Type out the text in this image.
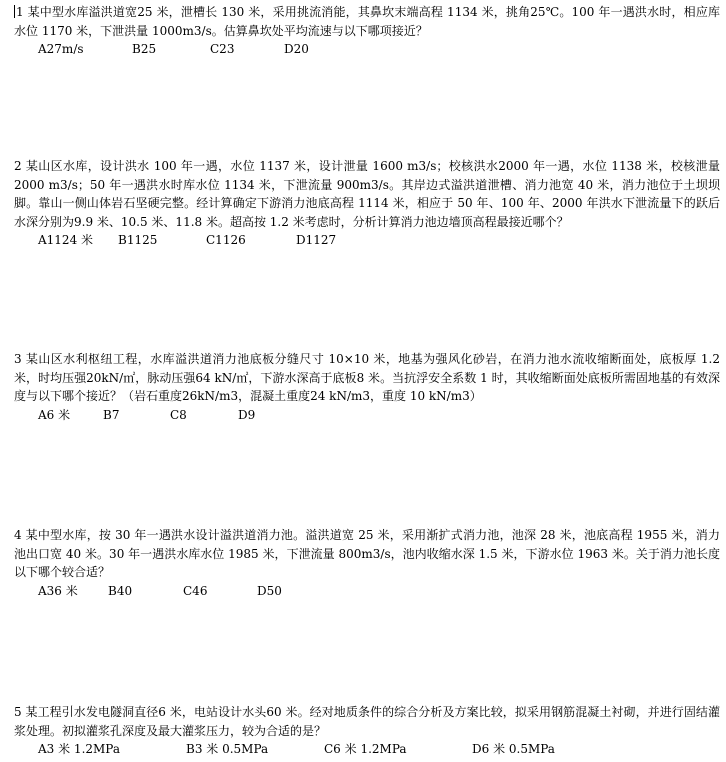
1 某中型水库溢洪道宽25 米，泄槽长 130 米，采用挑流消能，其鼻坎末端高程 1134 米，挑角25℃。100 年一遇洪水时，相应库水位 1170 米，下泄洪量 1000m3/s。估算鼻坎处平均流速与以下哪项接近？

A27m/s	B25	C23	D20

2 某山区水库，设计洪水 100 年一遇，水位 1137 米，设计泄量 1600 m3/s；校核洪水2000 年一遇，水位 1138 米，校核泄量 2000 m3/s；50 年一遇洪水时库水位 1134 米，下泄流量 900m3/s。其岸边式溢洪道泄槽、消力池宽 40 米，消力池位于土坝坝脚。靠山一侧山体岩石坚硬完整。经计算确定下游消力池底高程 1114 米，相应于 50 年、100 年、2000 年洪水下泄流量下的跃后水深分别为9.9 米、10.5 米、11.8 米。超高按 1.2 米考虑时，分析计算消力池边墙顶高程最接近哪个？

A1124 米	B1125	C1126	D1127

3 某山区水利枢纽工程，水库溢洪道消力池底板分缝尺寸 10×10 米，地基为强风化砂岩，在消力池水流收缩断面处，底板厚 1.2 米，时均压强20kN/㎡，脉动压强64 kN/㎡，下游水深高于底板8 米。当抗浮安全系数 1 时，其收缩断面处底板所需固地基的有效深度与以下哪个接近？（岩石重度26kN/m3，混凝土重度24 kN/m3，重度 10 kN/m3）

A6 米	B7	C8	D9

4 某中型水库，按 30 年一遇洪水设计溢洪道消力池。溢洪道宽 25 米，采用渐扩式消力池，池深 28 米，池底高程 1955 米，消力池出口宽 40 米。30 年一遇洪水库水位 1985 米，下泄流量 800m3/s，池内收缩水深 1.5 米，下游水位 1963 米。关于消力池长度以下哪个较合适？

A36 米	B40	C46	D50

5 某工程引水发电隧洞直径6 米，电站设计水头60 米。经对地质条件的综合分析及方案比较，拟采用钢筋混凝土衬砌，并进行固结灌浆处理。初拟灌浆孔深度及最大灌浆压力，较为合适的是？

A3 米 1.2MPa	B3 米 0.5MPa	C6 米 1.2MPa	D6 米 0.5MPa
